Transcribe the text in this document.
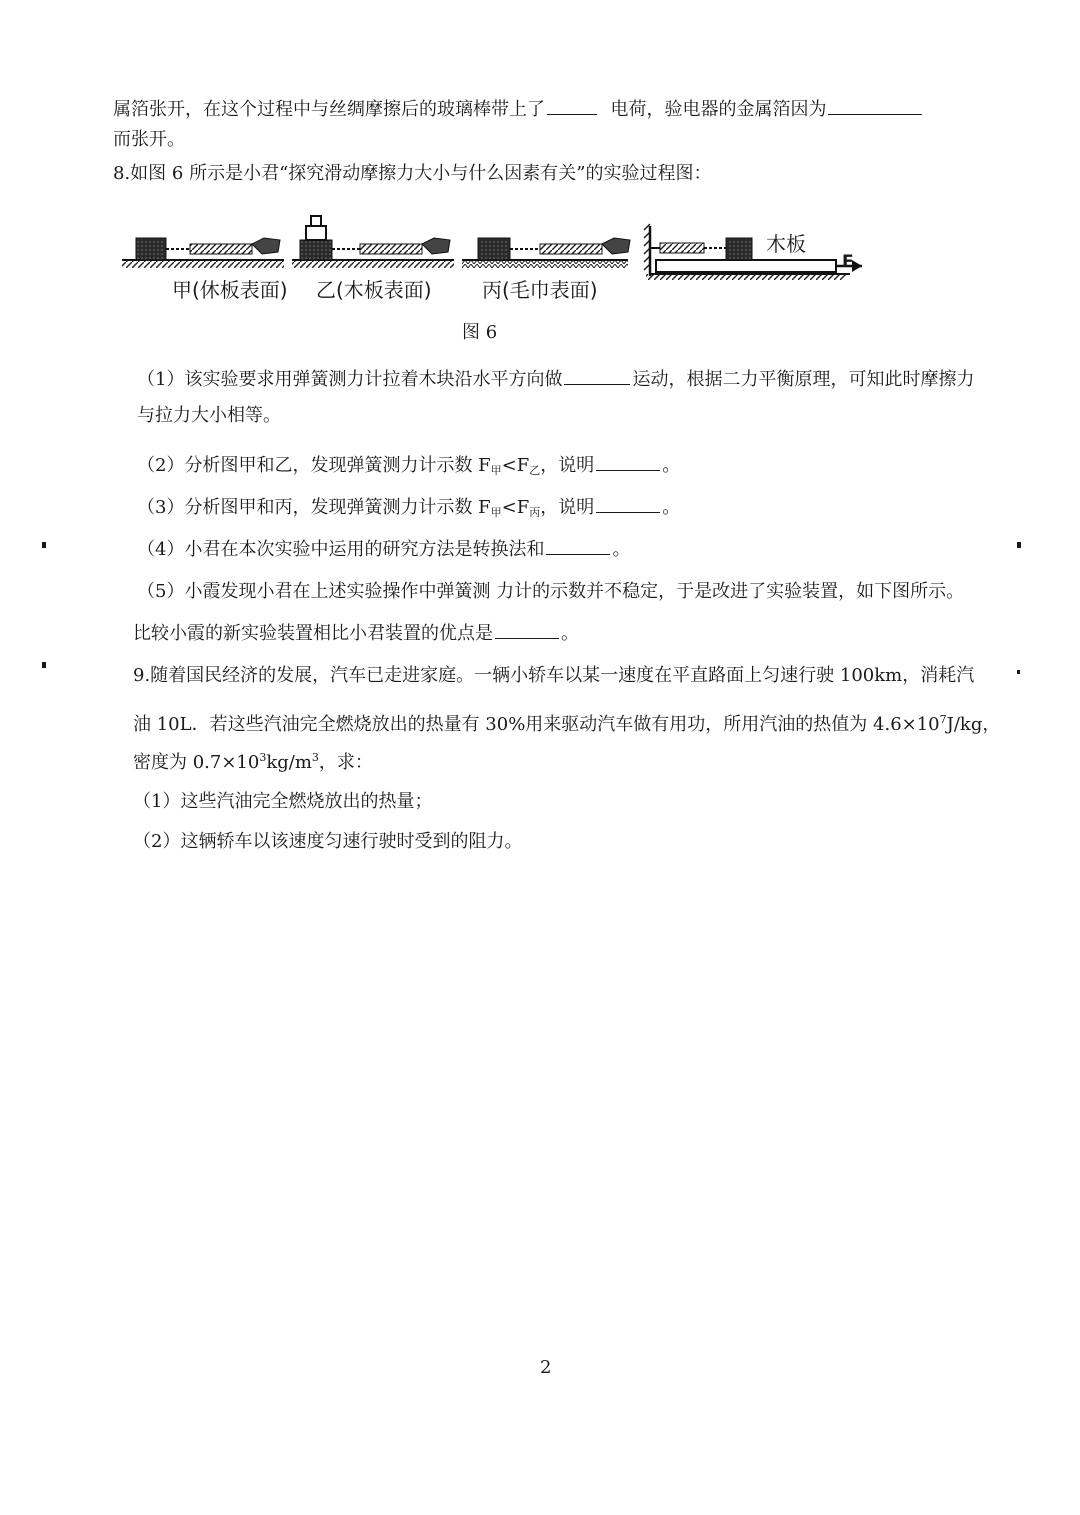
属箔张开，在这个过程中与丝绸摩擦后的玻璃棒带上了	电荷，验电器的金属箔因为
而张开。
8.如图 6 所示是小君“探究滑动摩擦力大小与什么因素有关”的实验过程图：
甲(休板表面) 乙(木板表面)	丙(毛巾表面)
木板
F
图 6
（1）该实验要求用弹簧测力计拉着木块沿水平方向做	运动，根据二力平衡原理，可知此时摩擦力
与拉力大小相等。
（2）分析图甲和乙，发现弹簧测力计示数 $F_甲<F_乙$，说明	。
（3）分析图甲和丙，发现弹簧测力计示数 $F_甲<F_丙$，说明	。
（4）小君在本次实验中运用的研究方法是转换法和	。
（5）小霞发现小君在上述实验操作中弹簧测 力计的示数并不稳定，于是改进了实验装置，如下图所示。
比较小霞的新实验装置相比小君装置的优点是	。
9.随着国民经济的发展，汽车已走进家庭。一辆小轿车以某一速度在平直路面上匀速行驶 100km，消耗汽
油 10L．若这些汽油完全燃烧放出的热量有 30%用来驱动汽车做有用功，所用汽油的热值为 $4.6\times 10^7J/kg$，
密度为 $0.7\times 10^3kg/m^3$，求：
（1）这些汽油完全燃烧放出的热量；
（2）这辆轿车以该速度匀速行驶时受到的阻力。
2
